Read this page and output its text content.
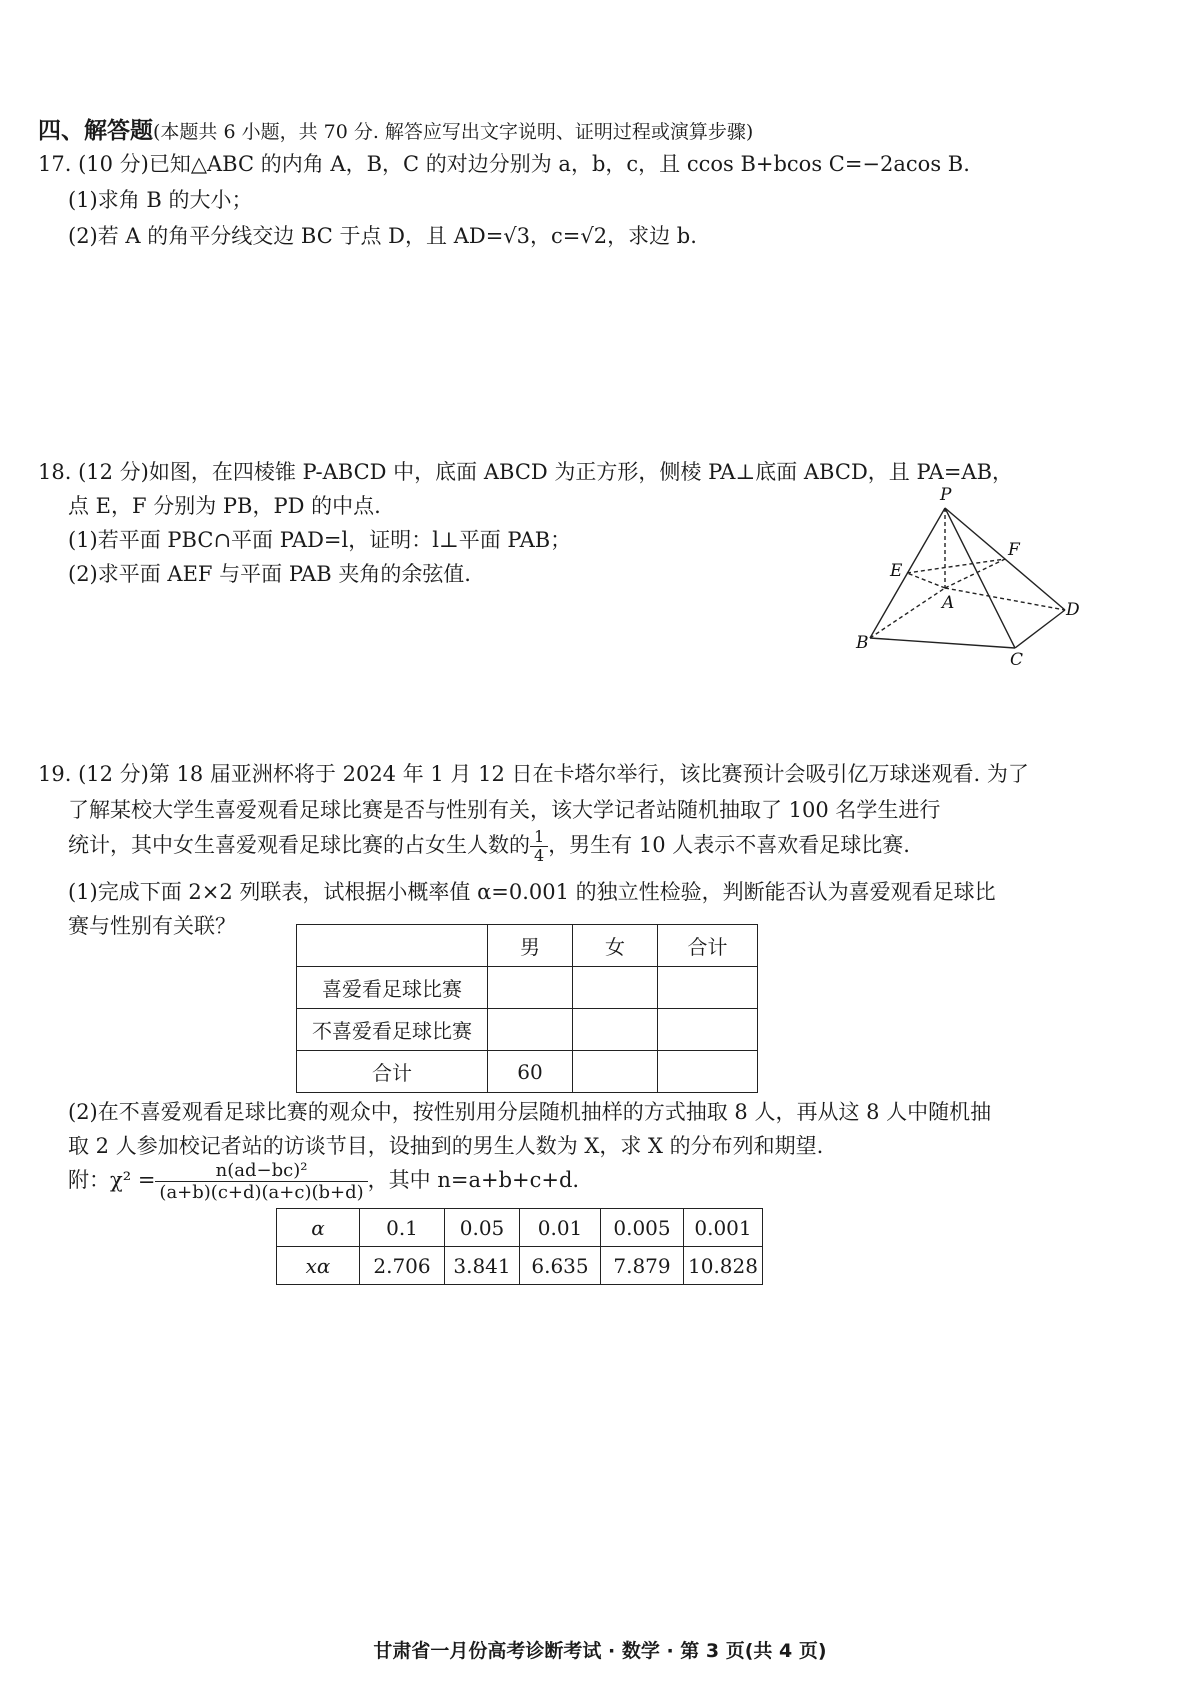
四、解答题(本题共 6 小题，共 70 分. 解答应写出文字说明、证明过程或演算步骤)
17. (10 分)已知△ABC 的内角 A，B，C 的对边分别为 a，b，c，且 ccos B+bcos C=−2acos B.
(1)求角 B 的大小；
(2)若 A 的角平分线交边 BC 于点 D，且 AD=√3，c=√2，求边 b.
18. (12 分)如图，在四棱锥 P-ABCD 中，底面 ABCD 为正方形，侧棱 PA⊥底面 ABCD，且 PA=AB，
点 E，F 分别为 PB，PD 的中点.
(1)若平面 PBC∩平面 PAD=l，证明：l⊥平面 PAB；
(2)求平面 AEF 与平面 PAB 夹角的余弦值.
P
A
B
C
D
E
F
19. (12 分)第 18 届亚洲杯将于 2024 年 1 月 12 日在卡塔尔举行，该比赛预计会吸引亿万球迷观看. 为了
了解某校大学生喜爱观看足球比赛是否与性别有关，该大学记者站随机抽取了 100 名学生进行
统计，其中女生喜爱观看足球比赛的占女生人数的 $\frac{1}{4}$ ，男生有 10 人表示不喜欢看足球比赛.
(1)完成下面 2×2 列联表，试根据小概率值 α=0.001 的独立性检验，判断能否认为喜爱观看足球比
赛与性别有关联？
	男	女	合计
喜爱看足球比赛			
不喜爱看足球比赛			
合计	60		
(2)在不喜爱观看足球比赛的观众中，按性别用分层随机抽样的方式抽取 8 人，再从这 8 人中随机抽
取 2 人参加校记者站的访谈节目，设抽到的男生人数为 X，求 X 的分布列和期望.
附：$\chi^2 = \frac{\text{n(ad−bc)²}}{(a+b)(c+d)(a+c)(b+d)}$ ，其中 n=a+b+c+d.
α	0.1	0.05	0.01	0.005	0.001
xα	2.706	3.841	6.635	7.879	10.828
甘肃省一月份高考诊断考试 · 数学 · 第 3 页(共 4 页)
